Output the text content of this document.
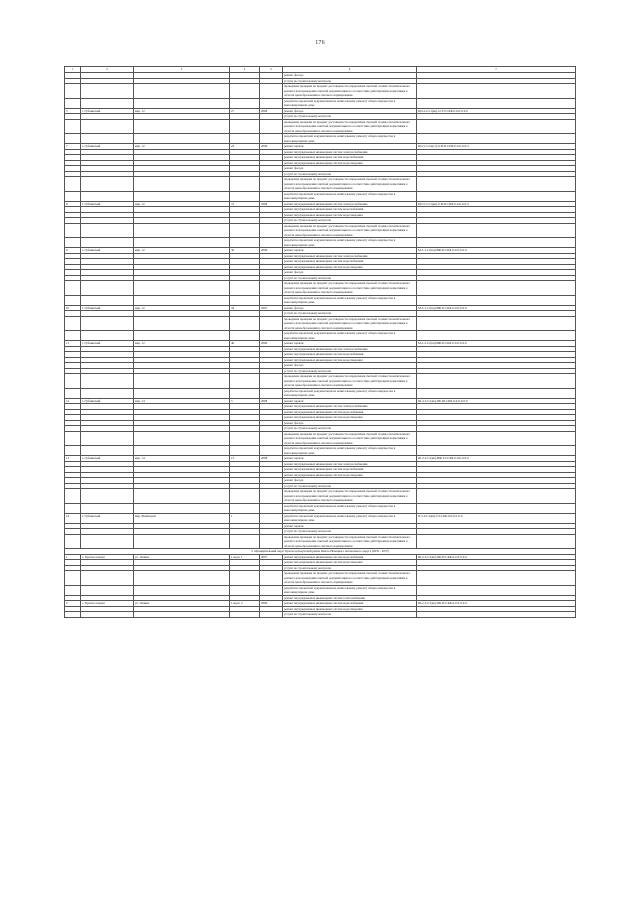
176
1	2	3	4	5	6	7
					ремонт фасада	
					услуги по строительному контролю	
					проведение проверки на предмет достоверности определения сметной стоимости капитального ремонта или проведения сметной документации на соответствие действующим нормативам в области ценообразования в сметного нормирования	
					разработка проектной документации на капитальному ремонту общего имущества в многоквартирном доме	
5	г. Губкинский	мкр. 12	27	2008	ремонт фасада	ЦО-2-2-Ст(кп)-О-ТЭ-СКБ-0-0-0-0-0-0
					услуги по строительному контролю	
					проведение проверки на предмет достоверности определения сметной стоимости капитального ремонта или проведения сметной документации на соответствие действующим нормативам в области ценообразования в сметного нормирования	
					разработка проектной документации на капитальному ремонту общего имущества в многоквартирном доме	
7	г. Губкинский	мкр. 12	24	2006	ремонт кровли	ЦО-5-5-Сн(сг)-0-Н-П-СПБ-0-0-0-0-0-4
					ремонт внутридомовых инженерных систем электроснабжения	
					ремонт внутридомовых инженерных систем водоснабжения	
					ремонт внутридомовых инженерных систем водоотведения	
					ремонт фасада	
					услуги по строительному контролю	
					проведение проверки на предмет достоверности определения сметной стоимости капитального ремонта или проведения сметной документации на соответствие действующим нормативам в области ценообразования в сметного нормирования	
					разработка проектной документации на капитальному ремонту общего имущества в многоквартирном доме	
8	г. Губкинский	мкр. 12	31	2008	ремонт внутридомовых инженерных систем электроснабжения	ЦО-5-5-Ст(кп)-0-Н-П-СКБ-0-0-0-0-0-4
					ремонт внутридомовых инженерных систем водоснабжения	
					ремонт внутридомовых инженерных систем водоотведения	
					услуги по строительному контролю	
					проведение проверки на предмет достоверности определения сметной стоимости капитального ремонта или проведения сметной документации на соответствие действующим нормативам в области ценообразования в сметного нормирования	
					разработка проектной документации на капитальному ремонту общего имущества в многоквартирном доме	
9	г. Губкинский	мкр. 12	36	2006	ремонт кровли	М-5-1-Ст(кп)-ВФ-П-СКБ-0-0-0-0-0-0
					ремонт внутридомовых инженерных систем электроснабжения	
					ремонт внутридомовых инженерных систем водоснабжения	
					ремонт внутридомовых инженерных систем водоотведения	
					ремонт фасада	
					услуги по строительному контролю	
					проведение проверки на предмет достоверности определения сметной стоимости капитального ремонта или проведения сметной документации на соответствие действующим нормативам в области ценообразования в сметного нормирования	
					разработка проектной документации на капитальному ремонту общего имущества в многоквартирном доме	
10	г. Губкинский	мкр. 12	44	2007	ремонт фасада	М-3-1-Ст(кп)-ВФ-П-СКБ-0-0-0-0-0-0
					услуги по строительному контролю	
					проведение проверки на предмет достоверности определения сметной стоимости капитального ремонта или проведения сметной документации на соответствие действующим нормативам в области ценообразования в сметного нормирования	
					разработка проектной документации на капитальному ремонту общего имущества в многоквартирном доме	
11	г. Губкинский	мкр. 12	46	2006	ремонт кровли	М-2-2-Ст(кп)-ВФ-П-СКБ-0-0-0-0-0-0
					ремонт внутридомовых инженерных систем электроснабжения	
					ремонт внутридомовых инженерных систем водоснабжения	
					ремонт внутридомовых инженерных систем водоотведения	
					ремонт фасада	
					услуги по строительному контролю	
					проведение проверки на предмет достоверности определения сметной стоимости капитального ремонта или проведения сметной документации на соответствие действующим нормативам в области ценообразования в сметного нормирования	
					разработка проектной документации на капитальному ремонту общего имущества в многоквартирном доме	
12	г. Губкинский	мкр. 14	5	2008	ремонт кровли	Ш-4-3-Ст(кп)-ПЕ-Ш-СКБ-0-0-0-0-0-0
					ремонт внутридомовых инженерных систем электроснабжения	
					ремонт внутридомовых инженерных систем водоснабжения	
					ремонт внутридомовых инженерных систем водоотведения	
					ремонт фасада	
					услуги по строительному контролю	
					проведение проверки на предмет достоверности определения сметной стоимости капитального ремонта или проведения сметной документации на соответствие действующим нормативам в области ценообразования в сметного нормирования	
					разработка проектной документации на капитальному ремонту общего имущества в многоквартирном доме	
13	г. Губкинский	мкр. 14	13	2008	ремонт кровли	Ш-3-2-Ст(кп)-ВФ-ТЭ-СКБ-0-0-0-0-0-0
					ремонт внутридомовых инженерных систем электроснабжения	
					ремонт внутридомовых инженерных систем водоснабжения	
					ремонт внутридомовых инженерных систем водоотведения	
					ремонт фасада	
					услуги по строительному контролю	
					проведение проверки на предмет достоверности определения сметной стоимости капитального ремонта или проведения сметной документации на соответствие действующим нормативам в области ценообразования в сметного нормирования	
					разработка проектной документации на капитальному ремонту общего имущества в многоквартирном доме	
14	г. Губкинский	мкр. Вышкарей	1		разработка проектной документации на капитальному ремонту общего имущества в многоквартирном доме	П-5-0-Ст(кп)-ТЭ-СКБ-0-0-0-0-0-0
					ремонт кровли	
					услуги по строительному контролю	
					проведение проверки на предмет достоверности определения сметной стоимости капитального ремонта или проведения сметной документации на соответствие действующим нормативам в области ценообразования в сметного нормирования	
3. Муниципальный округ Красноселькупский район Ямало-Ненецкого автономного округа (2035 - 2037)						
1	с. Красноселькуп	ул. Ленина	1 корп. 1	2007	ремонт внутридомовых инженерных систем водоснабжения	Ш-2-3-Ст(кп)-ПК-Н-СКБ-0-0-0-0-0-0
					ремонт внутридомовых инженерных систем водоотведения	
					услуги по строительному контролю	
					проведение проверки на предмет достоверности определения сметной стоимости капитального ремонта или проведения сметной документации на соответствие действующим нормативам в области ценообразования в сметного нормирования	
					разработка проектной документации на капитальному ремонту общего имущества в многоквартирном доме	
					ремонт внутридомовых инженерных систем теплоснабжения	
2	с. Красноселькуп	ул. Ленина	1 корп. 2	2006	ремонт внутридомовых инженерных систем водоснабжения	Ш-2-3-Ст(кп)-ПК-Н-СКБ-0-0-0-0-0-0
					ремонт внутридомовых инженерных систем водоотведения	
					услуги по строительному контролю	
